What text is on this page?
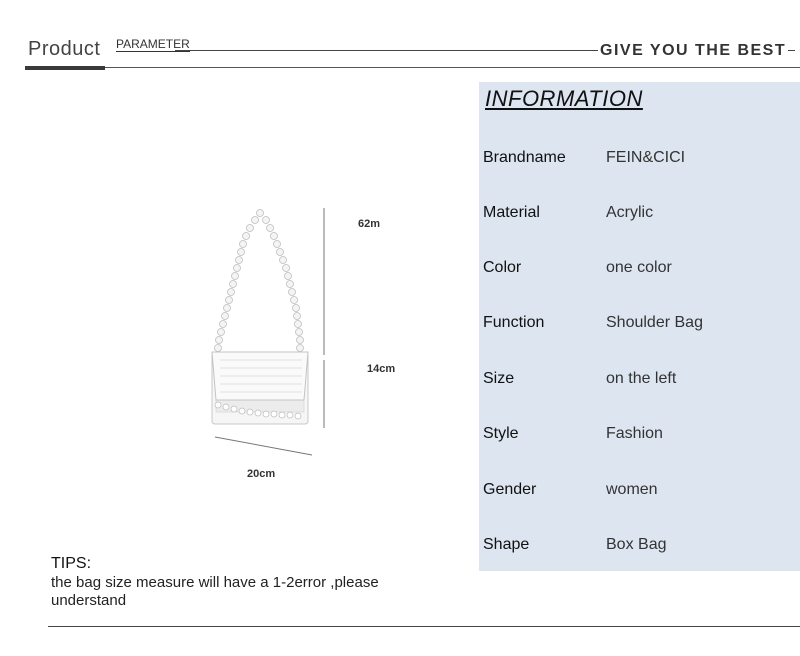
Product PARAMETER	GIVE YOU THE BEST
62m
14cm
20cm
INFORMATION
Brandname	FEIN&CICI
Material	Acrylic
Color	one color
Function	Shoulder Bag
Size	on the left
Style	Fashion
Gender	women
Shape	Box Bag
TIPS:
the bag size measure will have a 1-2error ,please understand
